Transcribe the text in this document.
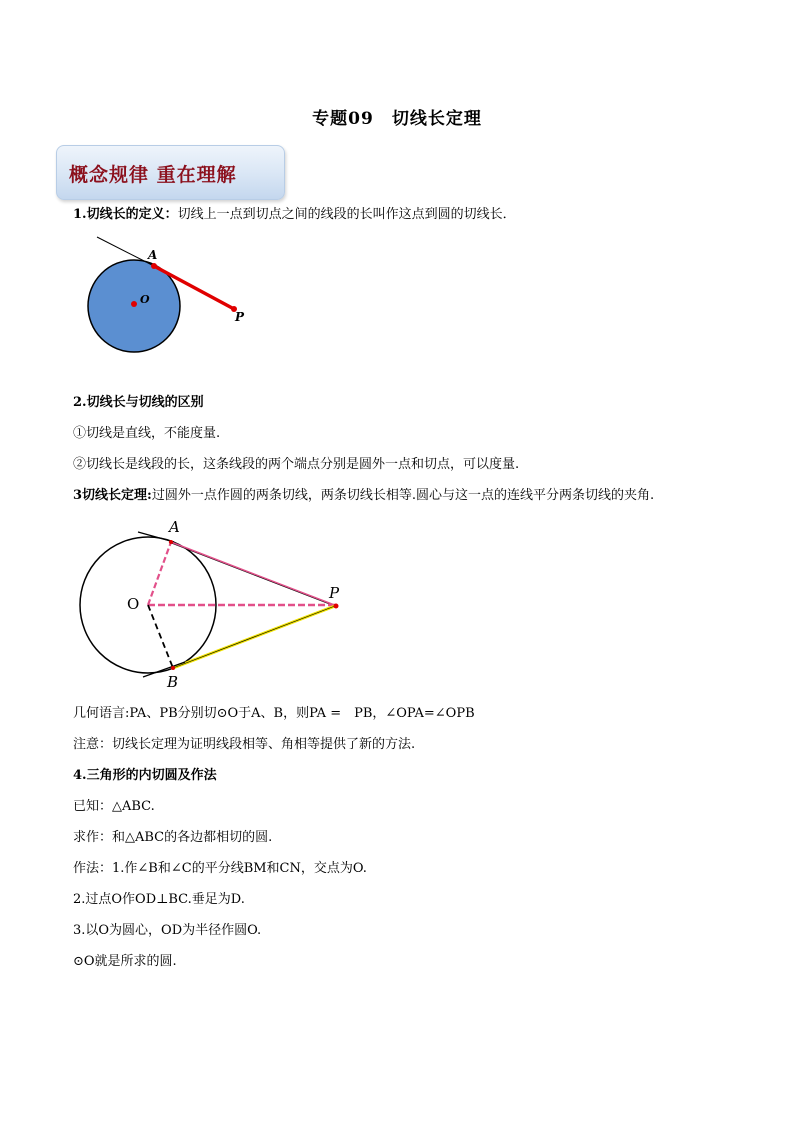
专题09　切线长定理
概念规律 重在理解
1.切线长的定义：切线上一点到切点之间的线段的长叫作这点到圆的切线长．
A
O
P
2.切线长与切线的区别
①切线是直线，不能度量.
②切线长是线段的长，这条线段的两个端点分别是圆外一点和切点，可以度量.
3切线长定理:过圆外一点作圆的两条切线，两条切线长相等.圆心与这一点的连线平分两条切线的夹角.
A
O
P
B
几何语言:PA、PB分别切⊙O于A、B，则PA =　PB，∠OPA=∠OPB
注意：切线长定理为证明线段相等、角相等提供了新的方法.
4.三角形的内切圆及作法
已知：△ABC.
求作：和△ABC的各边都相切的圆.
作法：1.作∠B和∠C的平分线BM和CN，交点为O.
2.过点O作OD⊥BC.垂足为D.
3.以O为圆心，OD为半径作圆O.
⊙O就是所求的圆.
